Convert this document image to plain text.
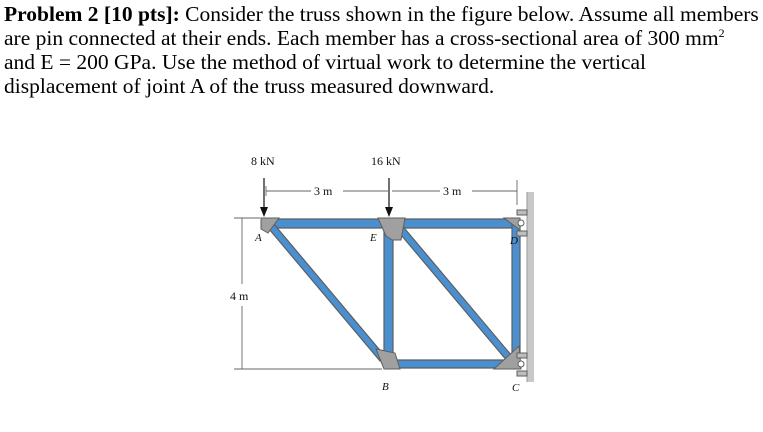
Problem 2 [10 pts]: Consider the truss shown in the figure below. Assume all members are pin connected at their ends. Each member has a cross-sectional area of 300 $mm^2$ and E = 200 GPa. Use the method of virtual work to determine the vertical displacement of joint A of the truss measured downward.
8 kN	16 kN
3 m	3 m
4 m
A	E	D
B	C
